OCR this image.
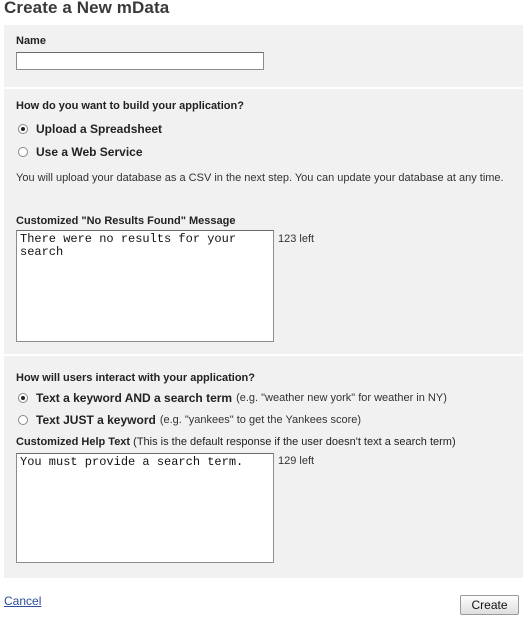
Create a New mData
Name
How do you want to build your application?
Upload a Spreadsheet
Use a Web Service
You will upload your database as a CSV in the next step. You can update your database at any time.
Customized "No Results Found" Message
There were no results for your search
123 left
How will users interact with your application?
Text a keyword AND a search term (e.g. "weather new york" for weather in NY)
Text JUST a keyword (e.g. "yankees" to get the Yankees score)
Customized Help Text (This is the default response if the user doesn't text a search term)
You must provide a search term.
129 left
Cancel	Create
